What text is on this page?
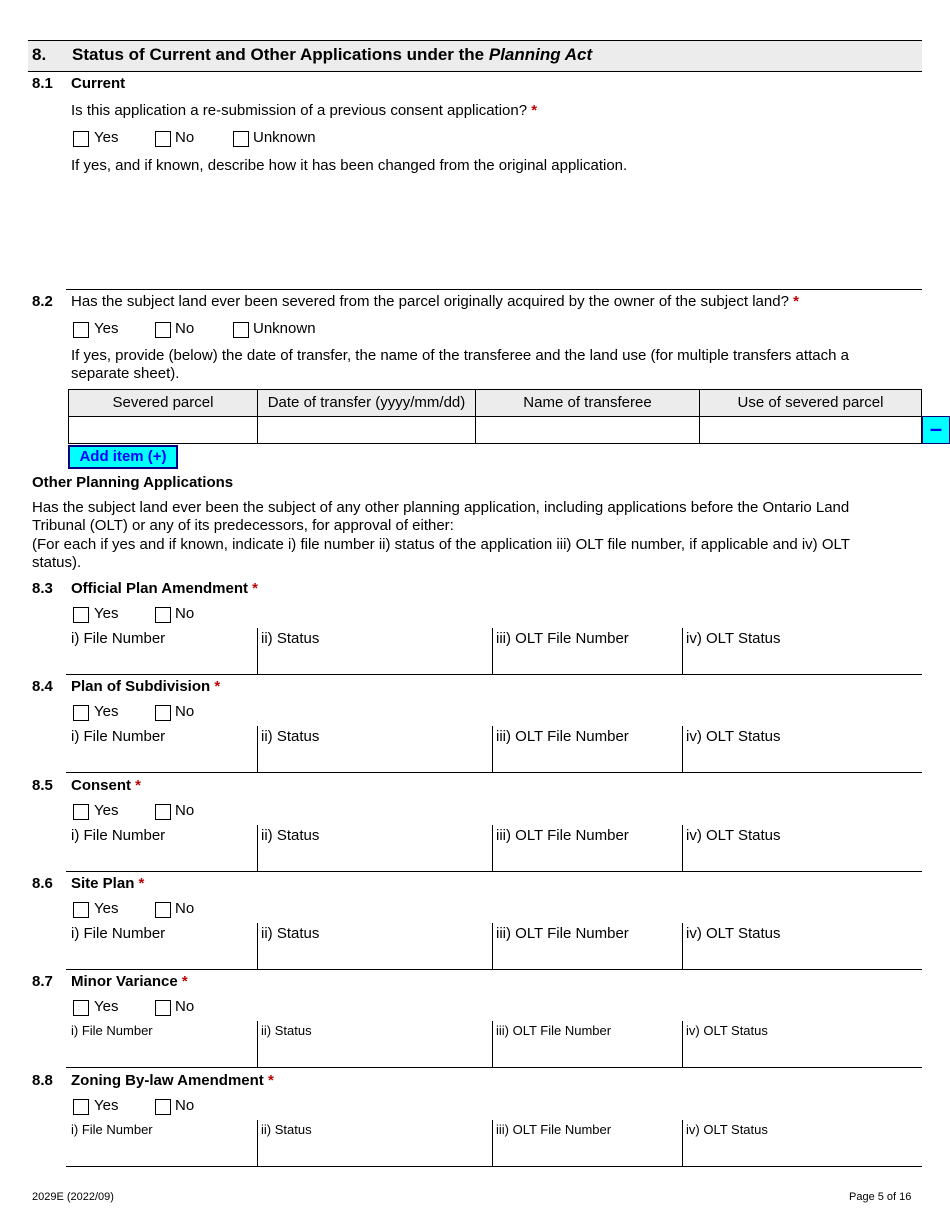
8. Status of Current and Other Applications under the Planning Act
8.1 Current
Is this application a re-submission of a previous consent application? *
Yes	No	Unknown
If yes, and if known, describe how it has been changed from the original application.
8.2 Has the subject land ever been severed from the parcel originally acquired by the owner of the subject land? *
Yes	No	Unknown
If yes, provide (below) the date of transfer, the name of the transferee and the land use (for multiple transfers attach a
separate sheet).
Severed parcel	Date of transfer (yyyy/mm/dd)	Name of transferee	Use of severed parcel
–
Add item (+)
Other Planning Applications
Has the subject land ever been the subject of any other planning application, including applications before the Ontario Land
Tribunal (OLT) or any of its predecessors, for approval of either:
(For each if yes and if known, indicate i) file number ii) status of the application iii) OLT file number, if applicable and iv) OLT
status).
8.3 Official Plan Amendment *
Yes	No
i) File Number	ii) Status	iii) OLT File Number	iv) OLT Status
8.4 Plan of Subdivision *
Yes	No
i) File Number	ii) Status	iii) OLT File Number	iv) OLT Status
8.5 Consent *
Yes	No
i) File Number	ii) Status	iii) OLT File Number	iv) OLT Status
8.6 Site Plan *
Yes	No
i) File Number	ii) Status	iii) OLT File Number	iv) OLT Status
8.7 Minor Variance *
Yes	No
i) File Number	ii) Status	iii) OLT File Number	iv) OLT Status
8.8 Zoning By-law Amendment *
Yes	No
i) File Number	ii) Status	iii) OLT File Number	iv) OLT Status
2029E (2022/09)	Page 5 of 16
